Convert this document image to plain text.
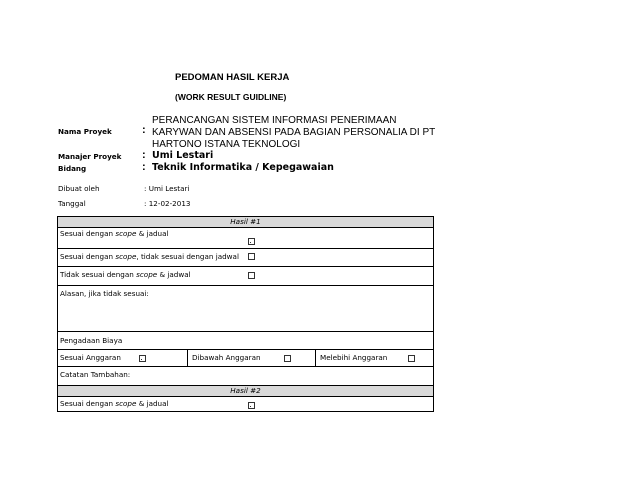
PEDOMAN HASIL KERJA
(WORK RESULT GUIDLINE)
Nama Proyek	:
PERANCANGAN SISTEM INFORMASI PENERIMAAN
KARYWAN DAN ABSENSI PADA BAGIAN PERSONALIA DI PT
HARTONO ISTANA TEKNOLOGI
Manajer Proyek : Umi Lestari
Bidang	: Teknik Informatika / Kepegawaian
Dibuat oleh	: Umi Lestari
Tanggal	: 12-02-2013
Hasil #1

Sesuai dengan scope & jadual

Sesuai dengan scope, tidak sesuai dengan jadwal

Tidak sesuai dengan scope & jadwal

Alasan, jika tidak sesuai:

Pengadaan Biaya

Sesuai Anggaran	Dibawah Anggaran	Melebihi Anggaran

Catatan Tambahan:
Hasil #2

Sesuai dengan scope & jadual
